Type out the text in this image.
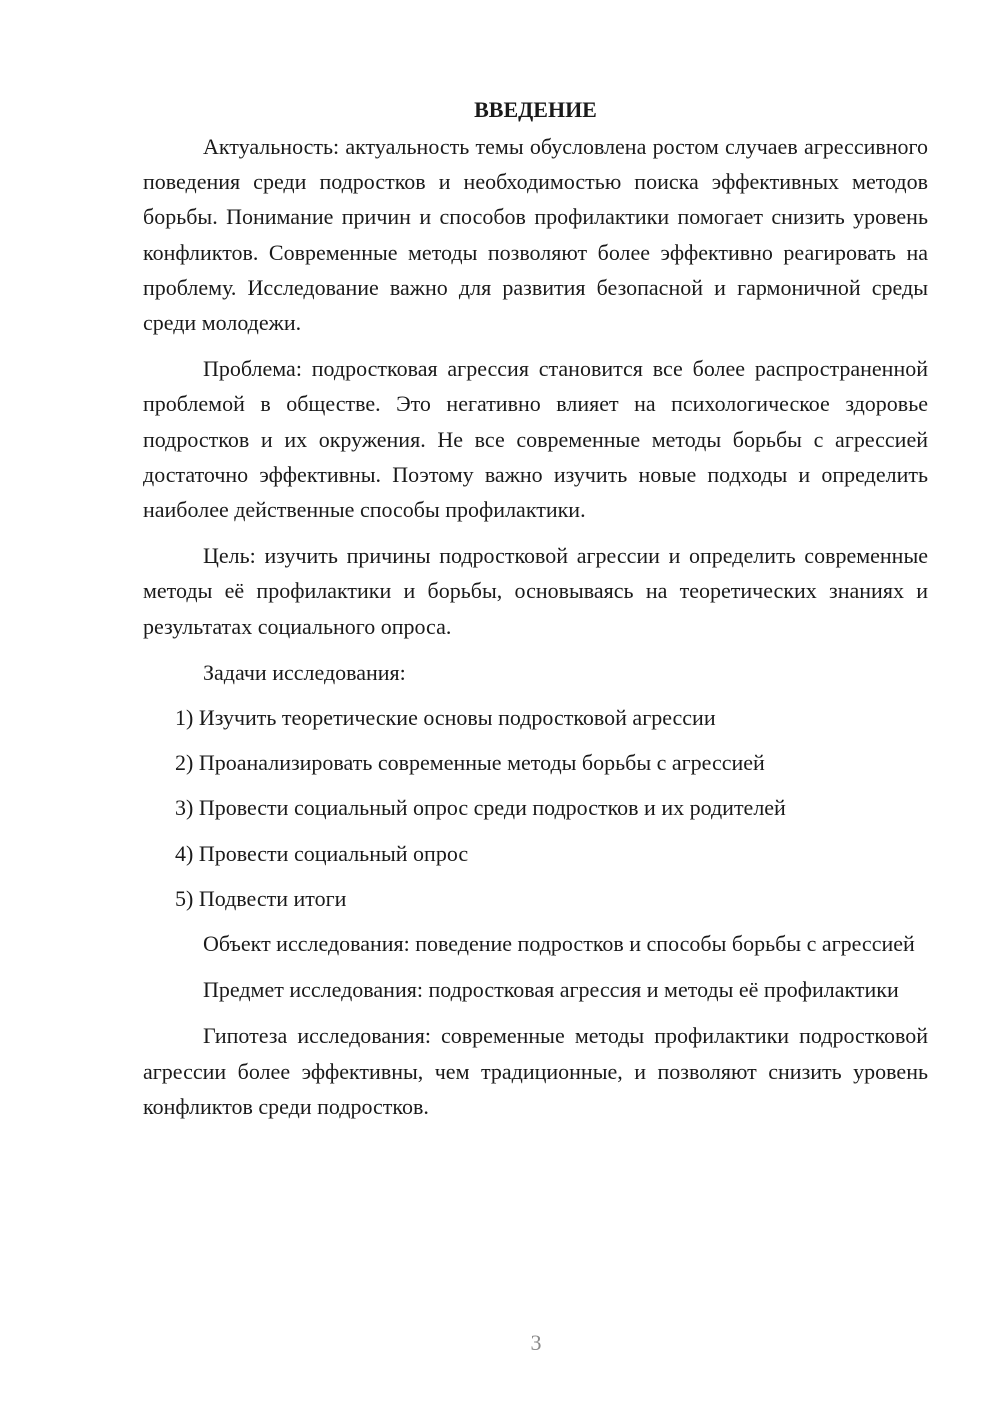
ВВЕДЕНИЕ

Актуальность: актуальность темы обусловлена ростом случаев агрессивного поведения среди подростков и необходимостью поиска эффективных методов борьбы. Понимание причин и способов профилактики помогает снизить уровень конфликтов. Современные методы позволяют более эффективно реагировать на проблему. Исследование важно для развития безопасной и гармоничной среды среди молодежи.

Проблема: подростковая агрессия становится все более распространенной проблемой в обществе. Это негативно влияет на психологическое здоровье подростков и их окружения. Не все современные методы борьбы с агрессией достаточно эффективны. Поэтому важно изучить новые подходы и определить наиболее действенные способы профилактики.

Цель: изучить причины подростковой агрессии и определить современные методы её профилактики и борьбы, основываясь на теоретических знаниях и результатах социального опроса.

Задачи исследования:

1) Изучить теоретические основы подростковой агрессии
2) Проанализировать современные методы борьбы с агрессией
3) Провести социальный опрос среди подростков и их родителей
4) Провести социальный опрос
5) Подвести итоги

Объект исследования: поведение подростков и способы борьбы с агрессией

Предмет исследования: подростковая агрессия и методы её профилактики

Гипотеза исследования: современные методы профилактики подростковой агрессии более эффективны, чем традиционные, и позволяют снизить уровень конфликтов среди подростков.

3
